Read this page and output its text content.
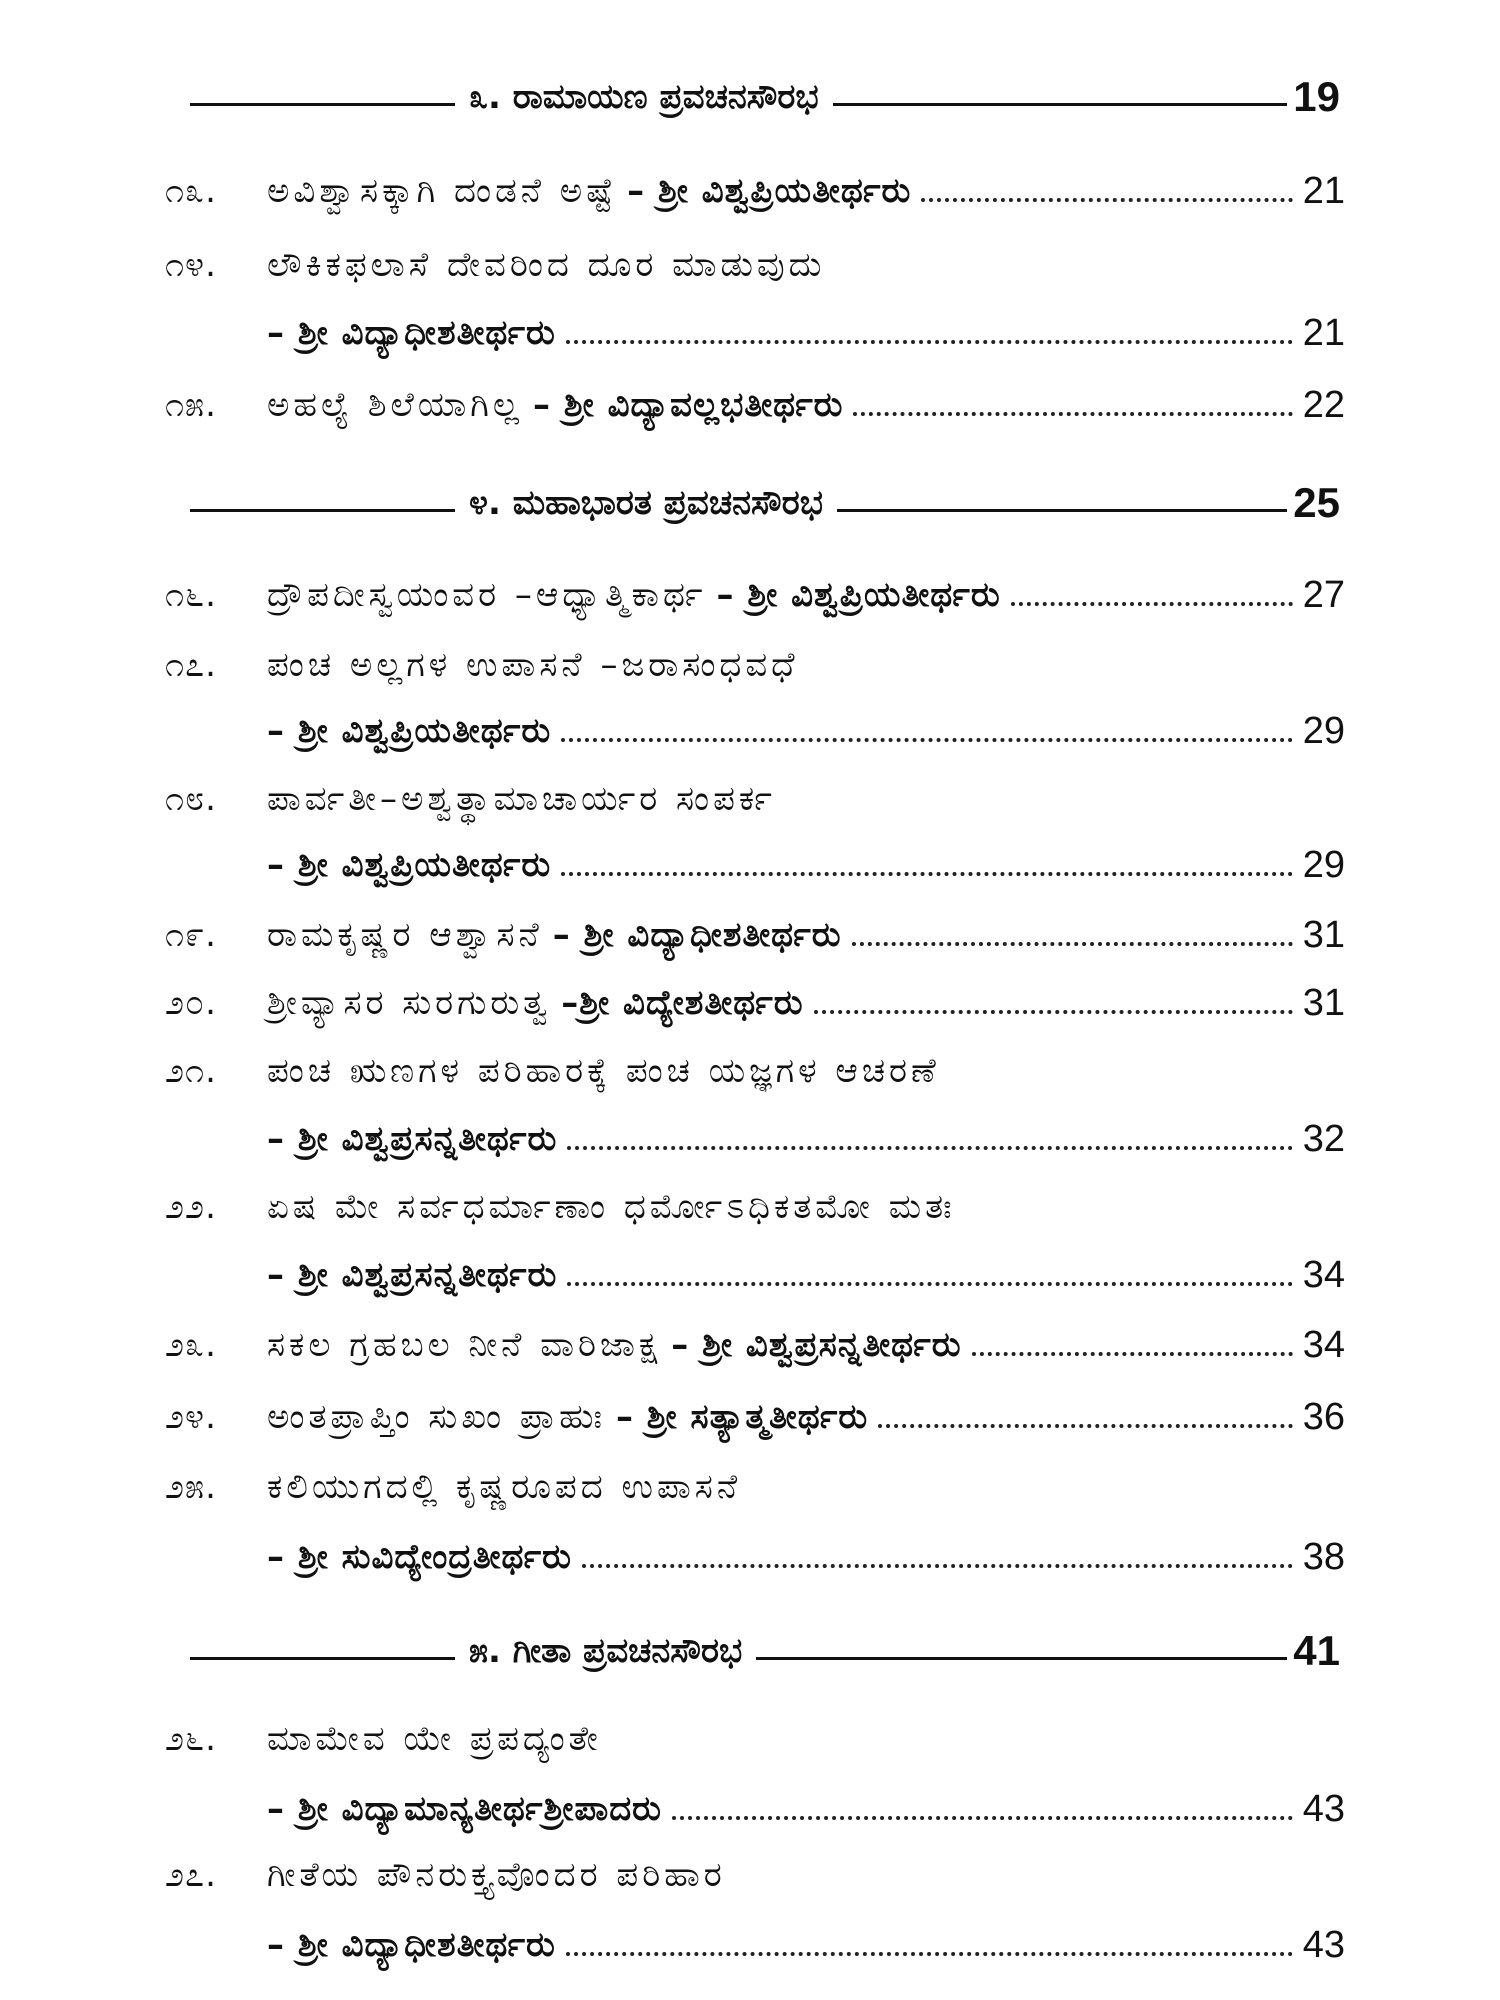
೩. ರಾಮಾಯಣ ಪ್ರವಚನಸೌರಭ	19
೧೩.	ಅವಿಶ್ವಾಸಕ್ಕಾಗಿ ದಂಡನೆ ಅಷ್ಟೆ – ಶ್ರೀ ವಿಶ್ವಪ್ರಿಯತೀರ್ಥರು	21
೧೪.	ಲೌಕಿಕಫಲಾಸೆ ದೇವರಿಂದ ದೂರ ಮಾಡುವುದು
– ಶ್ರೀ ವಿದ್ಯಾಧೀಶತೀರ್ಥರು	21
೧೫.	ಅಹಲ್ಯೆ ಶಿಲೆಯಾಗಿಲ್ಲ – ಶ್ರೀ ವಿದ್ಯಾವಲ್ಲಭತೀರ್ಥರು	22
೪. ಮಹಾಭಾರತ ಪ್ರವಚನಸೌರಭ	25
೧೬.	ದ್ರೌಪದೀಸ್ವಯಂವರ –ಆಧ್ಯಾತ್ಮಿಕಾರ್ಥ – ಶ್ರೀ ವಿಶ್ವಪ್ರಿಯತೀರ್ಥರು	27
೧೭.	ಪಂಚ ಅಲ್ಲಗಳ ಉಪಾಸನೆ –ಜರಾಸಂಧವಧೆ
– ಶ್ರೀ ವಿಶ್ವಪ್ರಿಯತೀರ್ಥರು	29
೧೮.	ಪಾರ್ವತೀ–ಅಶ್ವತ್ಥಾಮಾಚಾರ್ಯರ ಸಂಪರ್ಕ
– ಶ್ರೀ ವಿಶ್ವಪ್ರಿಯತೀರ್ಥರು	29
೧೯.	ರಾಮಕೃಷ್ಣರ ಆಶ್ವಾಸನೆ – ಶ್ರೀ ವಿದ್ಯಾಧೀಶತೀರ್ಥರು	31
೨೦.	ಶ್ರೀವ್ಯಾಸರ ಸುರಗುರುತ್ವ –ಶ್ರೀ ವಿದ್ಯೇಶತೀರ್ಥರು	31
೨೧.	ಪಂಚ ಋಣಗಳ ಪರಿಹಾರಕ್ಕೆ ಪಂಚ ಯಜ್ಞಗಳ ಆಚರಣೆ
– ಶ್ರೀ ವಿಶ್ವಪ್ರಸನ್ನತೀರ್ಥರು	32
೨೨.	ಏಷ ಮೇ ಸರ್ವಧರ್ಮಾಣಾಂ ಧರ್ಮೋಽಧಿಕತಮೋ ಮತಃ
– ಶ್ರೀ ವಿಶ್ವಪ್ರಸನ್ನತೀರ್ಥರು	34
೨೩.	ಸಕಲ ಗ್ರಹಬಲ ನೀನೆ ವಾರಿಜಾಕ್ಷ – ಶ್ರೀ ವಿಶ್ವಪ್ರಸನ್ನತೀರ್ಥರು	34
೨೪.	ಅಂತಪ್ರಾಪ್ತಿಂ ಸುಖಂ ಪ್ರಾಹುಃ – ಶ್ರೀ ಸತ್ಯಾತ್ಮತೀರ್ಥರು	36
೨೫.	ಕಲಿಯುಗದಲ್ಲಿ ಕೃಷ್ಣರೂಪದ ಉಪಾಸನೆ
– ಶ್ರೀ ಸುವಿದ್ಯೇಂದ್ರತೀರ್ಥರು	38
೫. ಗೀತಾ ಪ್ರವಚನಸೌರಭ	41
೨೬.	ಮಾಮೇವ ಯೇ ಪ್ರಪದ್ಯಂತೇ
– ಶ್ರೀ ವಿದ್ಯಾಮಾನ್ಯತೀರ್ಥಶ್ರೀಪಾದರು	43
೨೭.	ಗೀತೆಯ ಪೌನರುಕ್ತ್ಯವೊಂದರ ಪರಿಹಾರ
– ಶ್ರೀ ವಿದ್ಯಾಧೀಶತೀರ್ಥರು	43
